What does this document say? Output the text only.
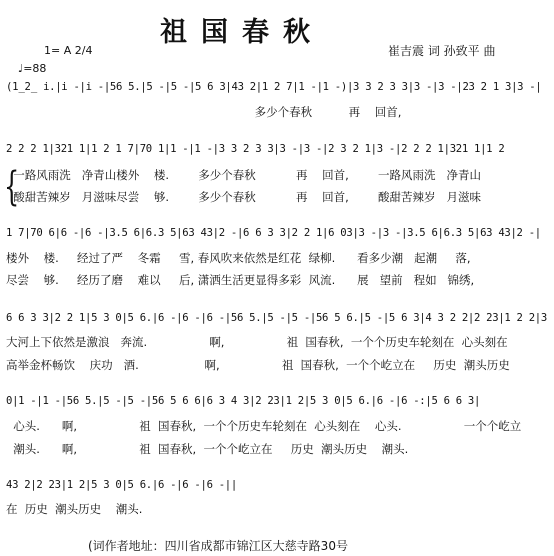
祖国春秋
1= A 2/4
♩=88
崔吉震 词 孙致平 曲
(1̲2̲ i.|i -|i -|56 5.|5 -|5 -|5 6 3|43 2|1 2 7|1 -|1 -)|3 3 2 3 3|3 -|3 -|23 2 1 3|3 -|
多少个春秋          再    回首,
2 2 2 1|321 1|1 2 1 7|70 1|1 -|1 -|3 3 2 3 3|3 -|3 -|2 3 2 1|3 -|2 2 2 1|321 1|1 2
{
一路风雨洗   净青山楼外    楼.        多少个春秋           再    回首,        一路风雨洗   净青山
酸甜苦辣岁   月滋味尽尝    够.        多少个春秋           再    回首,        酸甜苦辣岁   月滋味
1 7|70 6|6 -|6 -|3.5 6|6.3 5|63 43|2 -|6 6 3 3|2 2 1|6 03|3 -|3 -|3.5 6|6.3 5|63 43|2 -|
楼外    楼.     经过了严    冬霜     雪, 春风吹来依然是红花  绿柳.      看多少潮   起潮     落,
尽尝    够.     经历了磨    难以     后, 潇洒生活更显得多彩  风流.      展   望前   程如   锦绣,
6 6 3 3|2 2 1|5 3 0|5 6.|6 -|6 -|6 -|56 5.|5 -|5 -|56 5 6.|5 -|5 6 3|4 3 2 2|2 23|1 2 2|3
大河上下依然是激浪   奔流.                 啊,                 祖  国春秋,  一个个历史车轮刻在  心头刻在
高举金杯畅饮    庆功   酒.                  啊,                 祖  国春秋,  一个个屹立在     历史  潮头历史
0|1 -|1 -|56 5.|5 -|5 -|56 5 6 6|6 3 4 3|2 23|1 2|5 3 0|5 6.|6 -|6 -:|5 6 6 3|
心头.      啊,                 祖  国春秋,  一个个历史车轮刻在  心头刻在    心头.                 一个个屹立
潮头.      啊,                 祖  国春秋,  一个个屹立在     历史  潮头历史    潮头.
43 2|2 23|1 2|5 3 0|5 6.|6 -|6 -|6 -||
在  历史  潮头历史    潮头.
(词作者地址：四川省成都市锦江区大慈寺路30号
